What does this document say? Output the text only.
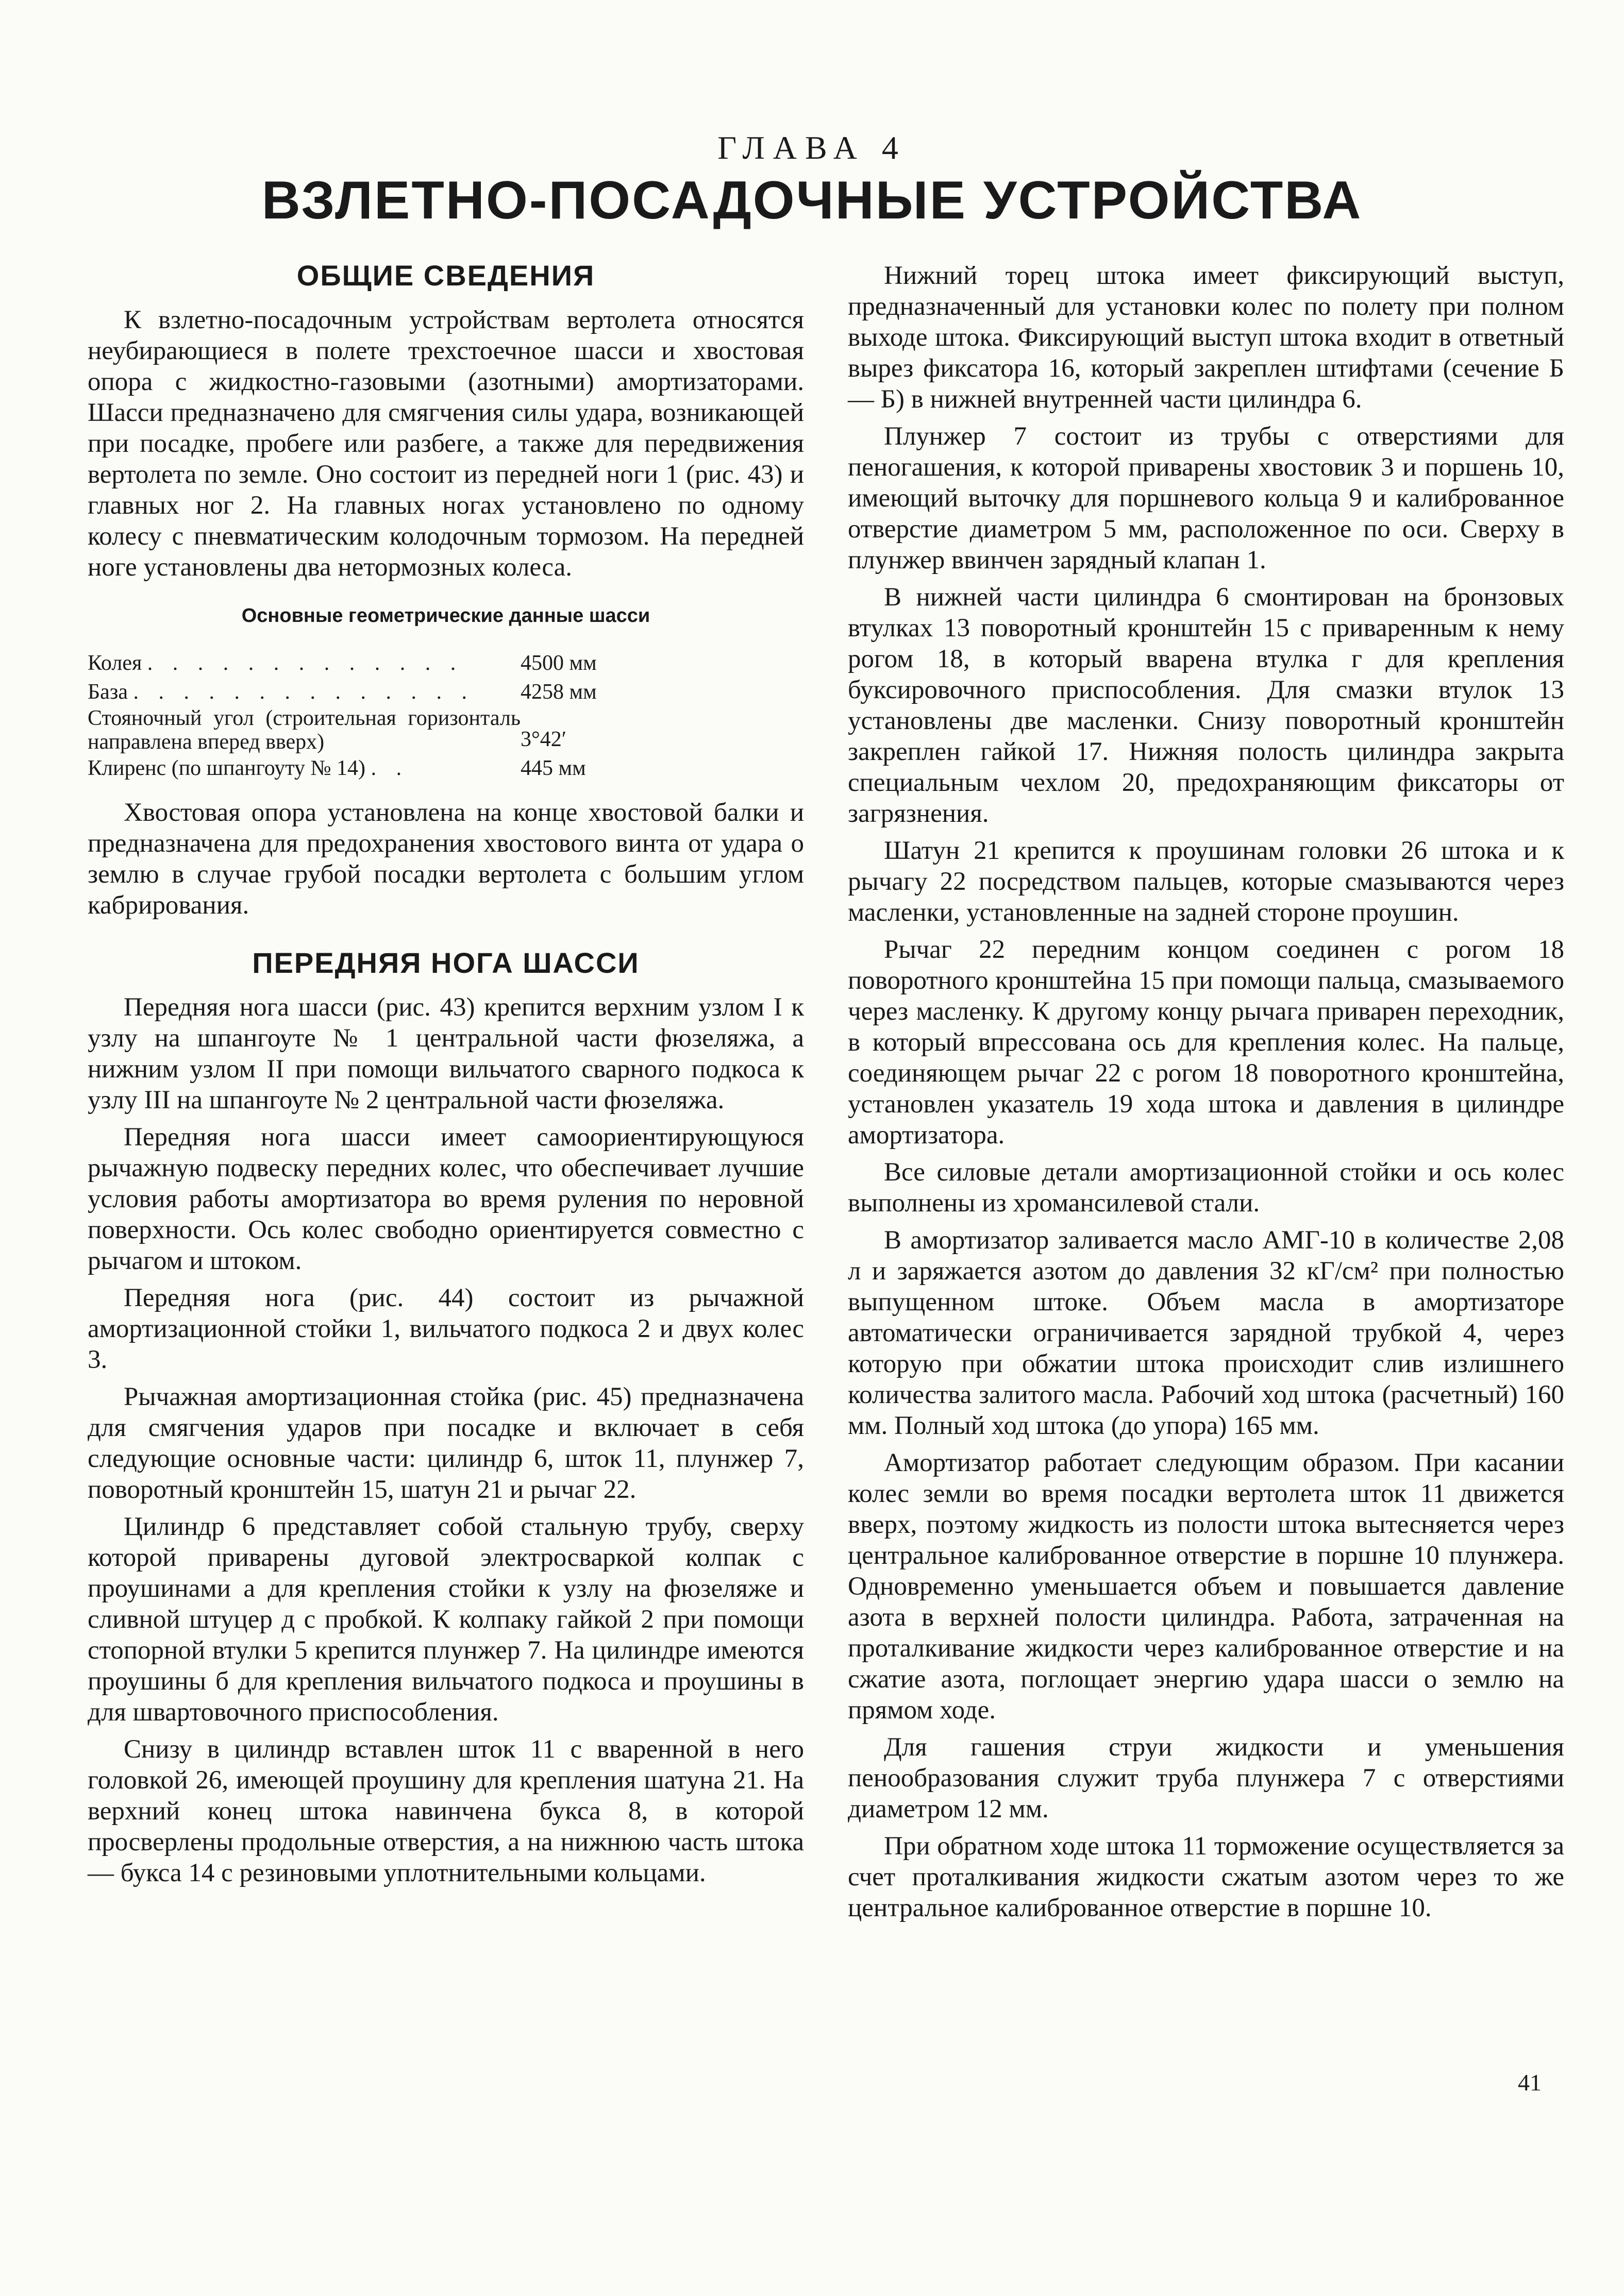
ГЛАВА 4
ВЗЛЕТНО-ПОСАДОЧНЫЕ УСТРОЙСТВА
ОБЩИЕ СВЕДЕНИЯ

К взлетно-посадочным устройствам вертолета относятся неубирающиеся в полете трехстоечное шасси и хвостовая опора с жидкостно-газовыми (азотными) амортизаторами. Шасси предназначено для смягчения силы удара, возникающей при посадке, пробеге или разбеге, а также для передвижения вертолета по земле. Оно состоит из передней ноги 1 (рис. 43) и главных ног 2. На главных ногах установлено по одному колесу с пневматическим колодочным тормозом. На передней ноге установлены два нетормозных колеса.

Основные геометрические данные шасси
Колея . . . . . . . . . . . . .	4500 мм
База . . . . . . . . . . . . . .	4258 мм
Стояночный угол (строительная горизонталь направлена вперед вверх)	3°42′
Клиренс (по шпангоуту № 14) . .	445 мм

Хвостовая опора установлена на конце хвостовой балки и предназначена для предохранения хвостового винта от удара о землю в случае грубой посадки вертолета с большим углом кабрирования.

ПЕРЕДНЯЯ НОГА ШАССИ

Передняя нога шасси (рис. 43) крепится верхним узлом I к узлу на шпангоуте № 1 центральной части фюзеляжа, а нижним узлом II при помощи вильчатого сварного подкоса к узлу III на шпангоуте № 2 центральной части фюзеляжа.

Передняя нога шасси имеет самоориентирующуюся рычажную подвеску передних колес, что обеспечивает лучшие условия работы амортизатора во время руления по неровной поверхности. Ось колес свободно ориентируется совместно с рычагом и штоком.

Передняя нога (рис. 44) состоит из рычажной амортизационной стойки 1, вильчатого подкоса 2 и двух колес 3.

Рычажная амортизационная стойка (рис. 45) предназначена для смягчения ударов при посадке и включает в себя следующие основные части: цилиндр 6, шток 11, плунжер 7, поворотный кронштейн 15, шатун 21 и рычаг 22.

Цилиндр 6 представляет собой стальную трубу, сверху которой приварены дуговой электросваркой колпак с проушинами а для крепления стойки к узлу на фюзеляже и сливной штуцер д с пробкой. К колпаку гайкой 2 при помощи стопорной втулки 5 крепится плунжер 7. На цилиндре имеются проушины б для крепления вильчатого подкоса и проушины в для швартовочного приспособления.

Снизу в цилиндр вставлен шток 11 с вваренной в него головкой 26, имеющей проушину для крепления шатуна 21. На верхний конец штока навинчена букса 8, в которой просверлены продольные отверстия, а на нижнюю часть штока — букса 14 с резиновыми уплотнительными кольцами.

Нижний торец штока имеет фиксирующий выступ, предназначенный для установки колес по полету при полном выходе штока. Фиксирующий выступ штока входит в ответный вырез фиксатора 16, который закреплен штифтами (сечение Б — Б) в нижней внутренней части цилиндра 6.

Плунжер 7 состоит из трубы с отверстиями для пеногашения, к которой приварены хвостовик 3 и поршень 10, имеющий выточку для поршневого кольца 9 и калиброванное отверстие диаметром 5 мм, расположенное по оси. Сверху в плунжер ввинчен зарядный клапан 1.

В нижней части цилиндра 6 смонтирован на бронзовых втулках 13 поворотный кронштейн 15 с приваренным к нему рогом 18, в который вварена втулка г для крепления буксировочного приспособления. Для смазки втулок 13 установлены две масленки. Снизу поворотный кронштейн закреплен гайкой 17. Нижняя полость цилиндра закрыта специальным чехлом 20, предохраняющим фиксаторы от загрязнения.

Шатун 21 крепится к проушинам головки 26 штока и к рычагу 22 посредством пальцев, которые смазываются через масленки, установленные на задней стороне проушин.

Рычаг 22 передним концом соединен с рогом 18 поворотного кронштейна 15 при помощи пальца, смазываемого через масленку. К другому концу рычага приварен переходник, в который впрессована ось для крепления колес. На пальце, соединяющем рычаг 22 с рогом 18 поворотного кронштейна, установлен указатель 19 хода штока и давления в цилиндре амортизатора.

Все силовые детали амортизационной стойки и ось колес выполнены из хромансилевой стали.

В амортизатор заливается масло АМГ-10 в количестве 2,08 л и заряжается азотом до давления 32 кГ/см² при полностью выпущенном штоке. Объем масла в амортизаторе автоматически ограничивается зарядной трубкой 4, через которую при обжатии штока происходит слив излишнего количества залитого масла. Рабочий ход штока (расчетный) 160 мм. Полный ход штока (до упора) 165 мм.

Амортизатор работает следующим образом. При касании колес земли во время посадки вертолета шток 11 движется вверх, поэтому жидкость из полости штока вытесняется через центральное калиброванное отверстие в поршне 10 плунжера. Одновременно уменьшается объем и повышается давление азота в верхней полости цилиндра. Работа, затраченная на проталкивание жидкости через калиброванное отверстие и на сжатие азота, поглощает энергию удара шасси о землю на прямом ходе.

Для гашения струи жидкости и уменьшения пенообразования служит труба плунжера 7 с отверстиями диаметром 12 мм.

При обратном ходе штока 11 торможение осуществляется за счет проталкивания жидкости сжатым азотом через то же центральное калиброванное отверстие в поршне 10.

41
